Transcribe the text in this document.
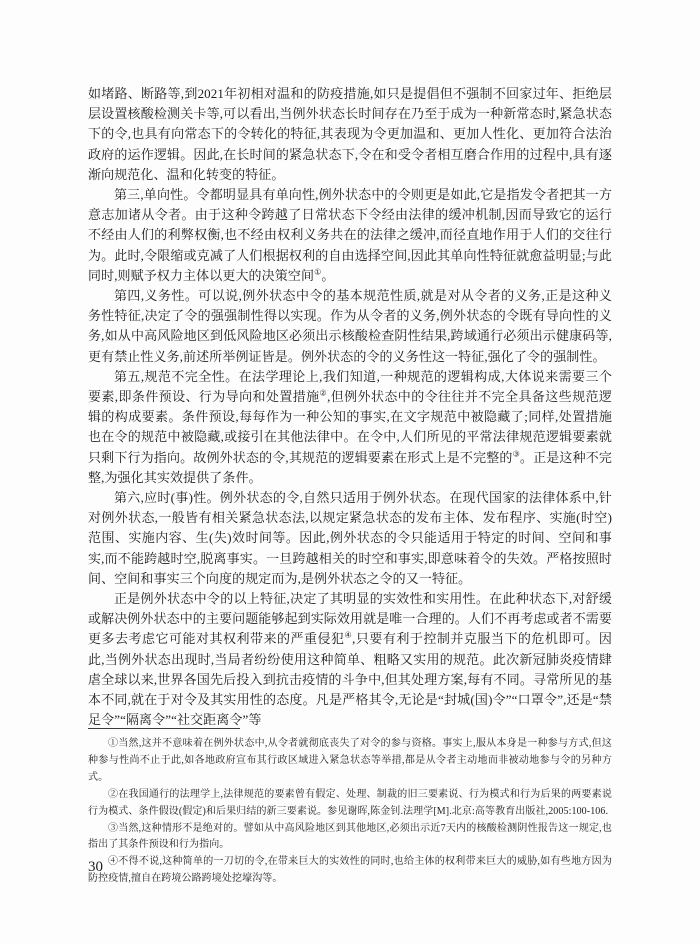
如堵路、断路等,到2021年初相对温和的防疫措施,如只是提倡但不强制不回家过年、拒绝层层设置核酸检测关卡等,可以看出,当例外状态长时间存在乃至于成为一种新常态时,紧急状态下的令,也具有向常态下的令转化的特征,其表现为令更加温和、更加人性化、更加符合法治政府的运作逻辑。因此,在长时间的紧急状态下,令在和受令者相互磨合作用的过程中,具有逐渐向规范化、温和化转变的特征。

第三,单向性。令都明显具有单向性,例外状态中的令则更是如此,它是指发令者把其一方意志加诸从令者。由于这种令跨越了日常状态下令经由法律的缓冲机制,因而导致它的运行不经由人们的利弊权衡,也不经由权利义务共在的法律之缓冲,而径直地作用于人们的交往行为。此时,令限缩或克减了人们根据权利的自由选择空间,因此其单向性特征就愈益明显;与此同时,则赋予权力主体以更大的决策空间①。

第四,义务性。可以说,例外状态中令的基本规范性质,就是对从令者的义务,正是这种义务性特征,决定了令的强强制性得以实现。作为从令者的义务,例外状态的令既有导向性的义务,如从中高风险地区到低风险地区必须出示核酸检查阴性结果,跨域通行必须出示健康码等,更有禁止性义务,前述所举例证皆是。例外状态的令的义务性这一特征,强化了令的强制性。

第五,规范不完全性。在法学理论上,我们知道,一种规范的逻辑构成,大体说来需要三个要素,即条件预设、行为导向和处置措施②,但例外状态中的令往往并不完全具备这些规范逻辑的构成要素。条件预设,每每作为一种公知的事实,在文字规范中被隐藏了;同样,处置措施也在令的规范中被隐藏,或接引在其他法律中。在令中,人们所见的平常法律规范逻辑要素就只剩下行为指向。故例外状态的令,其规范的逻辑要素在形式上是不完整的③。正是这种不完整,为强化其实效提供了条件。

第六,应时(事)性。例外状态的令,自然只适用于例外状态。在现代国家的法律体系中,针对例外状态,一般皆有相关紧急状态法,以规定紧急状态的发布主体、发布程序、实施(时空)范围、实施内容、生(失)效时间等。因此,例外状态的令只能适用于特定的时间、空间和事实,而不能跨越时空,脱离事实。一旦跨越相关的时空和事实,即意味着令的失效。严格按照时间、空间和事实三个向度的规定而为,是例外状态之令的又一特征。

正是例外状态中令的以上特征,决定了其明显的实效性和实用性。在此种状态下,对舒缓或解决例外状态中的主要问题能够起到实际效用就是唯一合理的。人们不再考虑或者不需要更多去考虑它可能对其权利带来的严重侵犯④,只要有利于控制并克服当下的危机即可。因此,当例外状态出现时,当局者纷纷使用这种简单、粗略又实用的规范。此次新冠肺炎疫情肆虐全球以来,世界各国先后投入到抗击疫情的斗争中,但其处理方案,每有不同。寻常所见的基本不同,就在于对令及其实用性的态度。凡是严格其令,无论是“封城(国)令”“口罩令”,还是“禁足令”“隔离令”“社交距离令”等

①当然,这并不意味着在例外状态中,从令者就彻底丧失了对令的参与资格。事实上,服从本身是一种参与方式,但这种参与性尚不止于此,如各地政府宣布其行政区域进入紧急状态等举措,都是从令者主动地而非被动地参与令的另种方式。

②在我国通行的法理学上,法律规范的要素曾有假定、处理、制裁的旧三要素说、行为模式和行为后果的两要素说行为模式、条件假设(假定)和后果归结的新三要素说。参见谢晖,陈金钊.法理学[M].北京:高等教育出版社,2005:100-106.

③当然,这种情形不是绝对的。譬如从中高风险地区到其他地区,必须出示近7天内的核酸检测阴性报告这一规定,也指出了其条件预设和行为指向。

④不得不说,这种简单的一刀切的令,在带来巨大的实效性的同时,也给主体的权利带来巨大的威胁,如有些地方因为防控疫情,擅自在跨境公路跨境处挖壕沟等。

30
